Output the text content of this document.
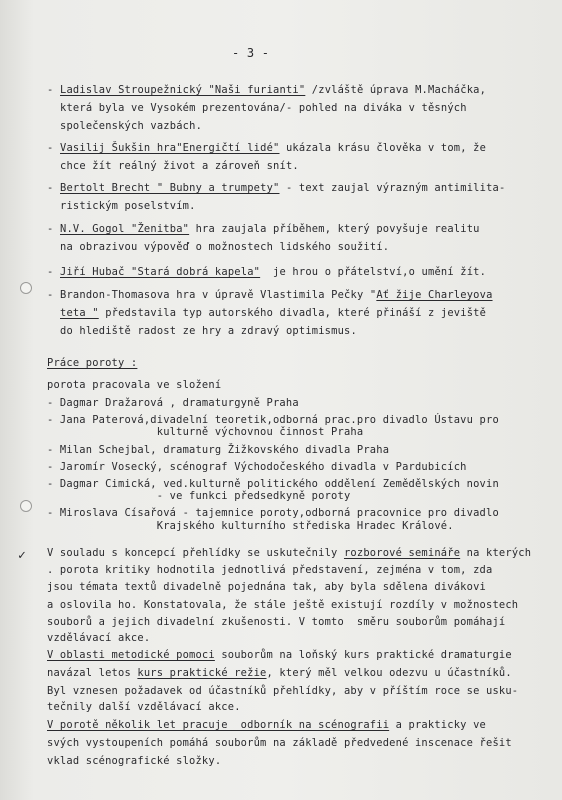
- 3 -
- Ladislav Stroupežnický "Naši furianti" /zvláště úprava M.Macháčka,
která byla ve Vysokém prezentována/- pohled na diváka v těsných
společenských vazbách.
- Vasilij Šukšin hra"Energičtí lidé" ukázala krásu člověka v tom, že
chce žít reálný život a zároveň snít.
- Bertolt Brecht " Bubny a trumpety" - text zaujal výrazným antimilita-
ristickým poselstvím.
- N.V. Gogol "Ženitba" hra zaujala příběhem, který povyšuje realitu
na obrazivou výpověď o možnostech lidského soužití.
- Jiří Hubač "Stará dobrá kapela"  je hrou o přátelství,o umění žít.
- Brandon-Thomasova hra v úpravě Vlastimila Pečky "Ať žije Charleyova
teta " představila typ autorského divadla, které přináší z jeviště
do hlediště radost ze hry a zdravý optimismus.
Práce poroty :
porota pracovala ve složení
- Dagmar Dražarová , dramaturgyně Praha
- Jana Paterová,divadelní teoretik,odborná prac.pro divadlo Ústavu pro
kulturně výchovnou činnost Praha
- Milan Schejbal, dramaturg Žižkovského divadla Praha
- Jaromír Vosecký, scénograf Východočeského divadla v Pardubicích
- Dagmar Cimická, ved.kulturně politického oddělení Zemědělských novin
- ve funkci předsedkyně poroty
- Miroslava Císařová - tajemnice poroty,odborná pracovnice pro divadlo
Krajského kulturního střediska Hradec Králové.
V souladu s koncepcí přehlídky se uskutečnily rozborové semináře na kterých
. porota kritiky hodnotila jednotlivá představení, zejména v tom, zda
jsou témata textů divadelně pojednána tak, aby byla sdělena divákovi
a oslovila ho. Konstatovala, že stále ještě existují rozdíly v možnostech
souborů a jejich divadelní zkušenosti. V tomto  směru souborům pomáhají
vzdělávací akce.
V oblasti metodické pomoci souborům na loňský kurs praktické dramaturgie
navázal letos kurs praktické režie, který měl velkou odezvu u účastníků.
Byl vznesen požadavek od účastníků přehlídky, aby v příštím roce se usku-
tečnily další vzdělávací akce.
V porotě několik let pracuje  odborník na scénografii a prakticky ve
svých vystoupeních pomáhá souborům na základě předvedené inscenace řešit
vklad scénografické složky.
✓
